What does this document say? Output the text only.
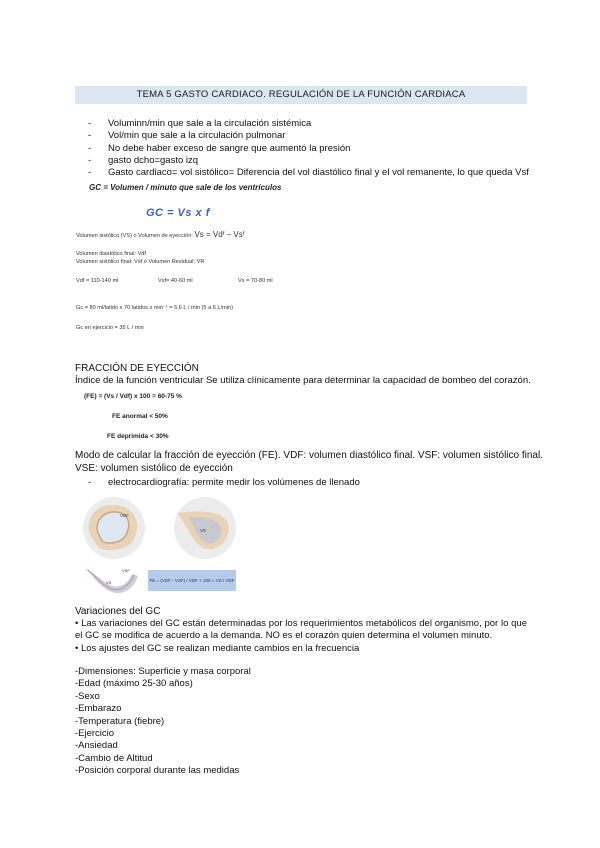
TEMA 5 GASTO CARDIACO. REGULACIÓN DE LA FUNCIÓN CARDIACA
-	Voluminn/min que sale a la circulación sistémica
-	Vol/min que sale a la circulación pulmonar
-	No debe haber exceso de sangre que aumentó la presión
-	gasto dcho=gasto izq
-	Gasto cardiaco= vol sistólico= Diferencia del vol diastólico final y el vol remanente, lo que queda Vsf
GC = Volumen / minuto que sale de los ventrículos
GC = Vs x f
Volumen sistólico (VS) o Volumen de eyección: Vs = Vdᶠ – Vsᶠ
Volumen diastólico final: Vdf
Volumen sistólico final: Vsf o Volumen Residual: VR
Vdf = 110-140 ml	Vsf= 40-60 ml	Vs = 70-80 ml
Gc = 80 ml/latido x 70 latidos x min⁻¹ = 5,6 L / min (5 a 6 L/min)
Gc en ejercicio = 35 L / min
FRACCIÓN DE EYECCIÓN
Índice de la función ventricular Se utiliza clínicamente para determinar la capacidad de bombeo del corazón.
(FE) = (Vs / Vdf) x 100 = 60-75 %
FE anormal < 50%
FE deprimida < 30%
Modo de calcular la fracción de eyección (FE). VDF: volumen diastólico final. VSF: volumen sistólico final. VSE: volumen sistólico de eyección
-	electrocardiografía: permite medir los volúmenes de llenado
VDF
VS
VSF
VS	FE = (VDF - VSF) / VDF × 100 = VS / VDF
Variaciones del GC
• Las variaciones del GC están determinadas por los requerimientos metabólicos del organismo, por lo que el GC se modifica de acuerdo a la demanda. NO es el corazón quien determina el volumen minuto.
• Los ajustes del GC se realizan mediante cambios en la frecuencia
-Dimensiones: Superficie y masa corporal
-Edad (máximo 25-30 años)
-Sexo
-Embarazo
-Temperatura (fiebre)
-Ejercicio
-Ansiedad
-Cambio de Altitud
-Posición corporal durante las medidas
